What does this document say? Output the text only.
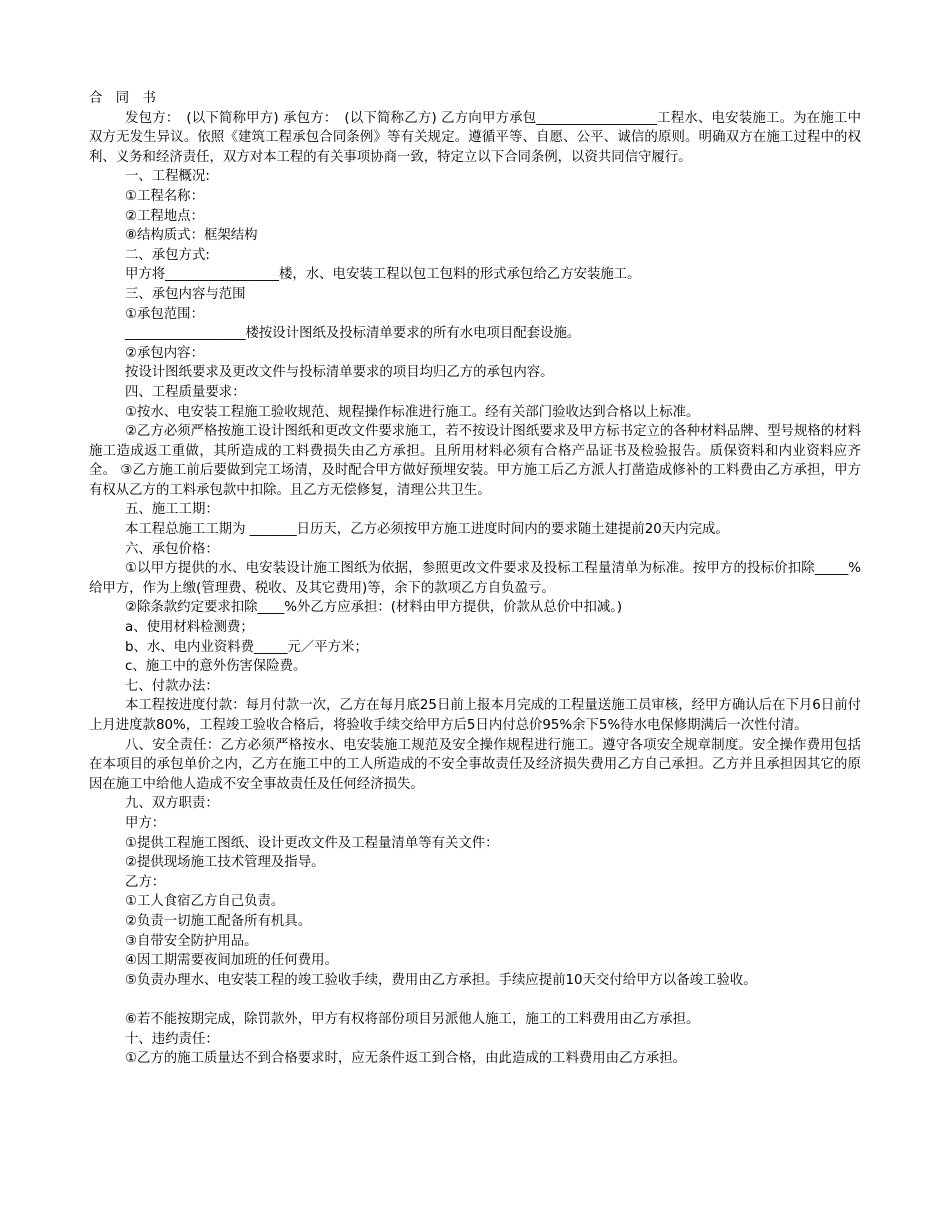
合　同　书

发包方：　(以下简称甲方) 承包方：　(以下简称乙方) 乙方向甲方承包__________________工程水、电安装施工。为在施工中双方无发生异议。依照《建筑工程承包合同条例》等有关规定。遵循平等、自愿、公平、诚信的原则。明确双方在施工过程中的权利、义务和经济责任，双方对本工程的有关事项协商一致，特定立以下合同条例，以资共同信守履行。

一、工程概况:
①工程名称：
②工程地点：
⑧结构质式：框架结构
二、承包方式:
甲方将_________________楼，水、电安装工程以包工包料的形式承包给乙方安装施工。
三、承包内容与范围
①承包范围：
__________________楼按设计图纸及投标清单要求的所有水电项目配套设施。
②承包内容：
按设计图纸要求及更改文件与投标清单要求的项目均归乙方的承包内容。
四、工程质量要求：
①按水、电安装工程施工验收规范、规程操作标准进行施工。经有关部门验收达到合格以上标准。

②乙方必须严格按施工设计图纸和更改文件要求施工，若不按设计图纸要求及甲方标书定立的各种材料品牌、型号规格的材料施工造成返工重做，其所造成的工料费损失由乙方承担。且所用材料必须有合格产品证书及检验报告。质保资料和内业资料应齐全。 ③乙方施工前后要做到完工场清，及时配合甲方做好预埋安装。甲方施工后乙方派人打凿造成修补的工料费由乙方承担，甲方有权从乙方的工料承包款中扣除。且乙方无偿修复，清理公共卫生。

五、施工工期：
本工程总施工工期为 _______日历天，乙方必须按甲方施工进度时间内的要求随土建提前20天内完成。
六、承包价格：

①以甲方提供的水、电安装设计施工图纸为依据，参照更改文件要求及投标工程量清单为标准。按甲方的投标价扣除_____%给甲方，作为上缴(管理费、税收、及其它费用)等，余下的款项乙方自负盈亏。

②除条款约定要求扣除____%外乙方应承担：(材料由甲方提供，价款从总价中扣减。)
a、使用材料检测费；
b、水、电内业资料费_____元／平方米；
c、施工中的意外伤害保险费。
七、付款办法：

本工程按进度付款：每月付款一次，乙方在每月底25日前上报本月完成的工程量送施工员审核，经甲方确认后在下月6日前付上月进度款80%，工程竣工验收合格后，将验收手续交给甲方后5日内付总价95%余下5%待水电保修期满后一次性付清。

八、安全责任：乙方必须严格按水、电安装施工规范及安全操作规程进行施工。遵守各项安全规章制度。安全操作费用包括在本项目的承包单价之内，乙方在施工中的工人所造成的不安全事故责任及经济损失费用乙方自己承担。乙方并且承担因其它的原因在施工中给他人造成不安全事故责任及任何经济损失。

九、双方职责：
甲方：
①提供工程施工图纸、设计更改文件及工程量清单等有关文件：
②提供现场施工技术管理及指导。
乙方：
①工人食宿乙方自己负责。
②负责一切施工配备所有机具。
③自带安全防护用品。
④因工期需要夜间加班的任何费用。
⑤负责办理水、电安装工程的竣工验收手续，费用由乙方承担。手续应提前10天交付给甲方以备竣工验收。
⑥若不能按期完成，除罚款外，甲方有权将部份项目另派他人施工，施工的工料费用由乙方承担。
十、违约责任：
①乙方的施工质量达不到合格要求时，应无条件返工到合格，由此造成的工料费用由乙方承担。
